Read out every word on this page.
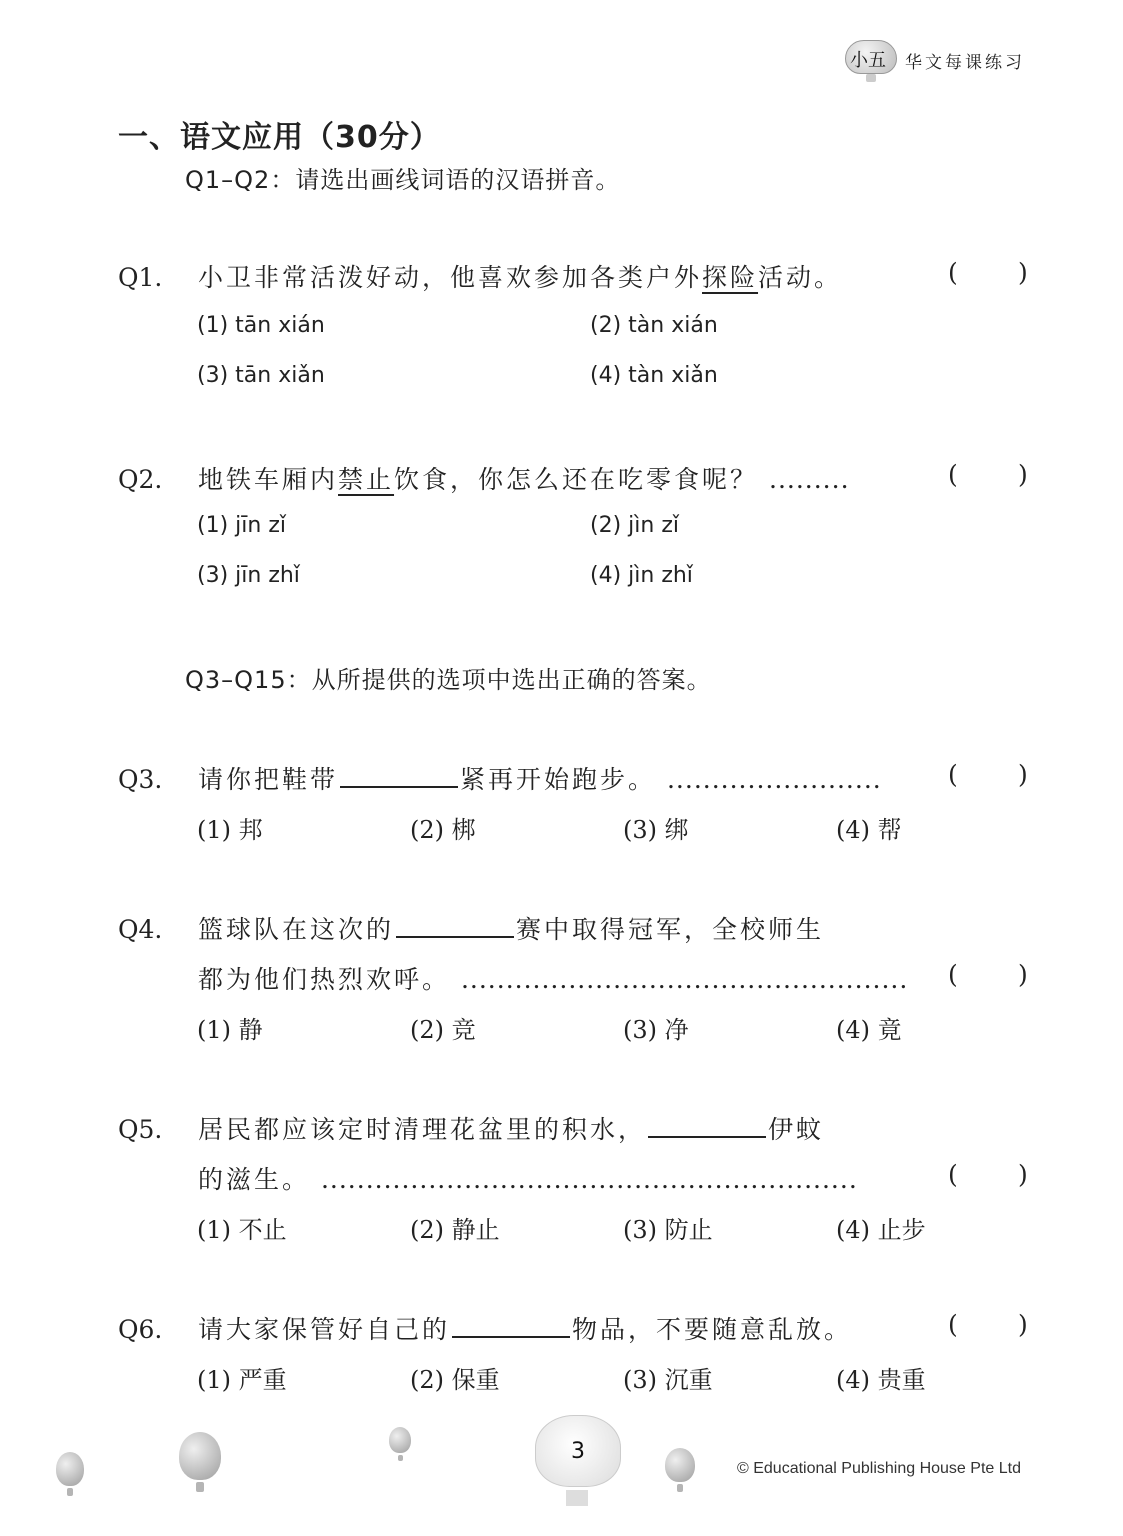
小五 华文每课练习
一、语文应用（30分）
Q1–Q2：请选出画线词语的汉语拼音。
Q1. 小卫非常活泼好动，他喜欢参加各类户外探险活动。	( )
(1) tān xián	(2) tàn xián
(3) tān xiǎn	(4) tàn xiǎn
Q2. 地铁车厢内禁止饮食，你怎么还在吃零食呢？ .........	( )
(1) jīn zǐ	(2) jìn zǐ
(3) jīn zhǐ	(4) jìn zhǐ
Q3–Q15：从所提供的选项中选出正确的答案。
Q3. 请你把鞋带	紧再开始跑步。 ........................	( )
(1) 邦	(2) 梆	(3) 绑	(4) 帮
Q4. 篮球队在这次的	赛中取得冠军，全校师生
都为他们热烈欢呼。 .................................................. ( )
(1) 静	(2) 竞	(3) 净	(4) 竟
Q5. 居民都应该定时清理花盆里的积水，	伊蚊
的滋生。 ............................................................	( )
(1) 不止	(2) 静止	(3) 防止	(4) 止步
Q6. 请大家保管好自己的	物品，不要随意乱放。	( )
(1) 严重	(2) 保重	(3) 沉重	(4) 贵重
3
© Educational Publishing House Pte Ltd
